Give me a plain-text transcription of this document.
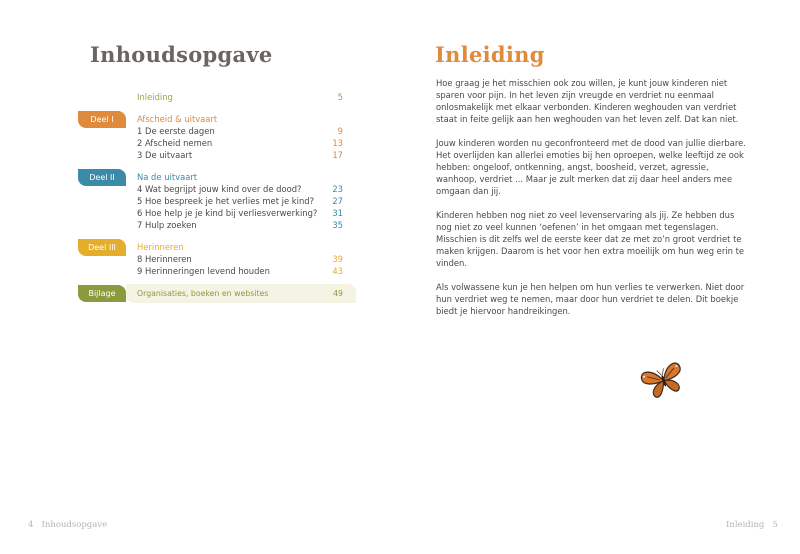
Inhoudsopgave
Inleiding	5
Deel I	Afscheid & uitvaart
1 De eerste dagen	9
2 Afscheid nemen	13
3 De uitvaart	17
Deel II	Na de uitvaart
4 Wat begrijpt jouw kind over de dood?	23
5 Hoe bespreek je het verlies met je kind? 27
6 Hoe help je je kind bij verliesverwerking? 31
7 Hulp zoeken	35
Deel III	Herinneren
8 Herinneren	39
9 Herinneringen levend houden	43
Bijlage	Organisaties, boeken en websites	49
4 Inhoudsopgave
Inleiding

Hoe graag je het misschien ook zou willen, je kunt jouw kinderen niet sparen voor pijn. In het leven zijn vreugde en verdriet nu eenmaal onlosmakelijk met elkaar verbonden. Kinderen weghouden van verdriet staat in feite gelijk aan hen weghouden van het leven zelf. Dat kan niet.

Jouw kinderen worden nu geconfronteerd met de dood van jullie dierbare. Het overlijden kan allerlei emoties bij hen oproepen, welke leeftijd ze ook hebben: ongeloof, ontkenning, angst, boosheid, verzet, agressie, wanhoop, verdriet ... Maar je zult merken dat zij daar heel anders mee omgaan dan jij.

Kinderen hebben nog niet zo veel levenservaring als jij. Ze hebben dus nog niet zo veel kunnen ‘oefenen’ in het omgaan met tegenslagen. Misschien is dit zelfs wel de eerste keer dat ze met zo’n groot verdriet te maken krijgen. Daarom is het voor hen extra moeilijk om hun weg erin te vinden.

Als volwassene kun je hen helpen om hun verlies te verwerken. Niet door hun verdriet weg te nemen, maar door hun verdriet te delen. Dit boekje biedt je hiervoor handreikingen.

Inleiding 5
